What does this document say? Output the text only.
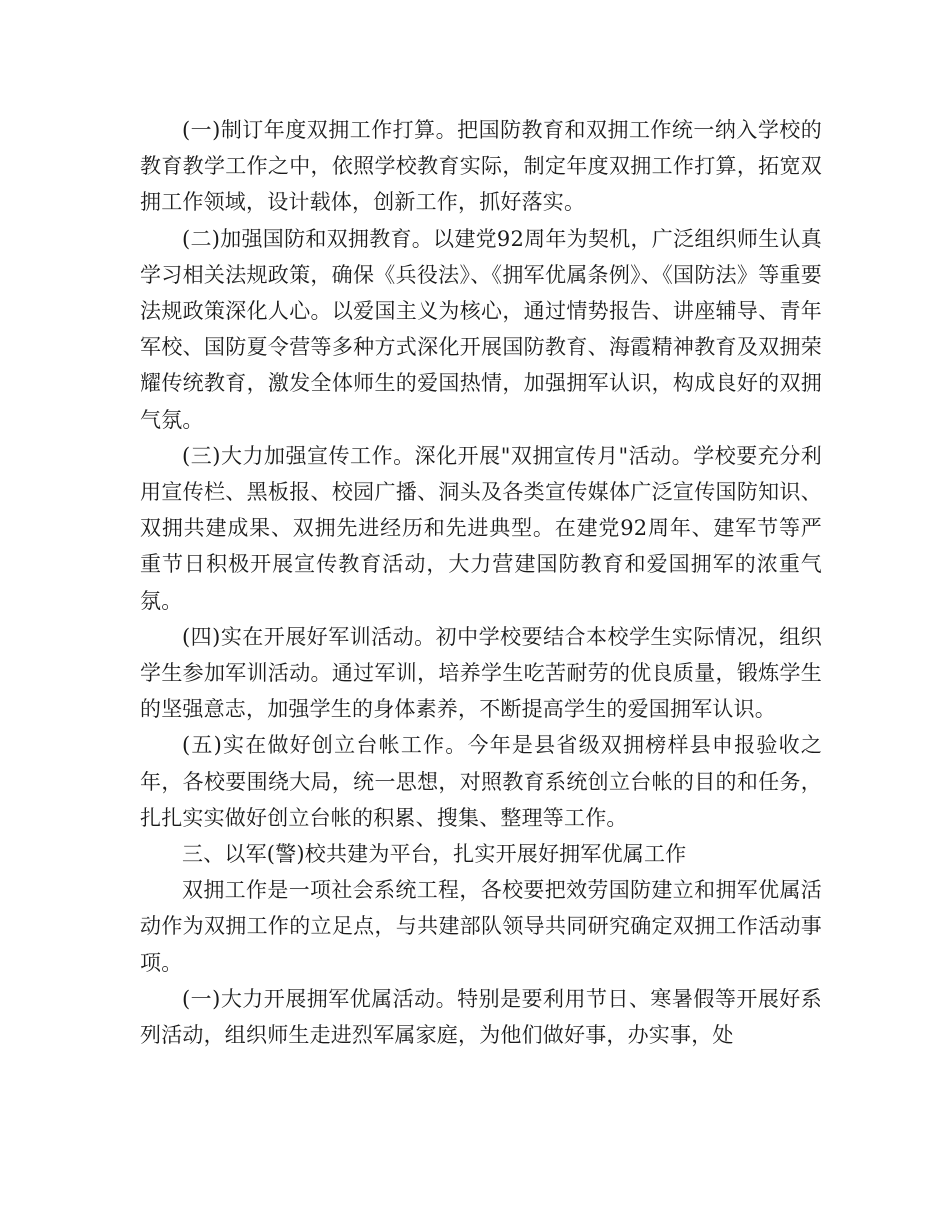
(一)制订年度双拥工作打算。把国防教育和双拥工作统一纳入学校的教育教学工作之中，依照学校教育实际，制定年度双拥工作打算，拓宽双拥工作领域，设计载体，创新工作，抓好落实。

(二)加强国防和双拥教育。以建党92周年为契机，广泛组织师生认真学习相关法规政策，确保《兵役法》、《拥军优属条例》、《国防法》等重要法规政策深化人心。以爱国主义为核心，通过情势报告、讲座辅导、青年军校、国防夏令营等多种方式深化开展国防教育、海霞精神教育及双拥荣耀传统教育，激发全体师生的爱国热情，加强拥军认识，构成良好的双拥气氛。

(三)大力加强宣传工作。深化开展"双拥宣传月"活动。学校要充分利用宣传栏、黑板报、校园广播、洞头及各类宣传媒体广泛宣传国防知识、双拥共建成果、双拥先进经历和先进典型。在建党92周年、建军节等严重节日积极开展宣传教育活动，大力营建国防教育和爱国拥军的浓重气氛。

(四)实在开展好军训活动。初中学校要结合本校学生实际情况，组织学生参加军训活动。通过军训，培养学生吃苦耐劳的优良质量，锻炼学生的坚强意志，加强学生的身体素养，不断提高学生的爱国拥军认识。

(五)实在做好创立台帐工作。今年是县省级双拥榜样县申报验收之年，各校要围绕大局，统一思想，对照教育系统创立台帐的目的和任务，扎扎实实做好创立台帐的积累、搜集、整理等工作。

三、以军(警)校共建为平台，扎实开展好拥军优属工作

双拥工作是一项社会系统工程，各校要把效劳国防建立和拥军优属活动作为双拥工作的立足点，与共建部队领导共同研究确定双拥工作活动事项。

(一)大力开展拥军优属活动。特别是要利用节日、寒暑假等开展好系列活动，组织师生走进烈军属家庭，为他们做好事，办实事，处
